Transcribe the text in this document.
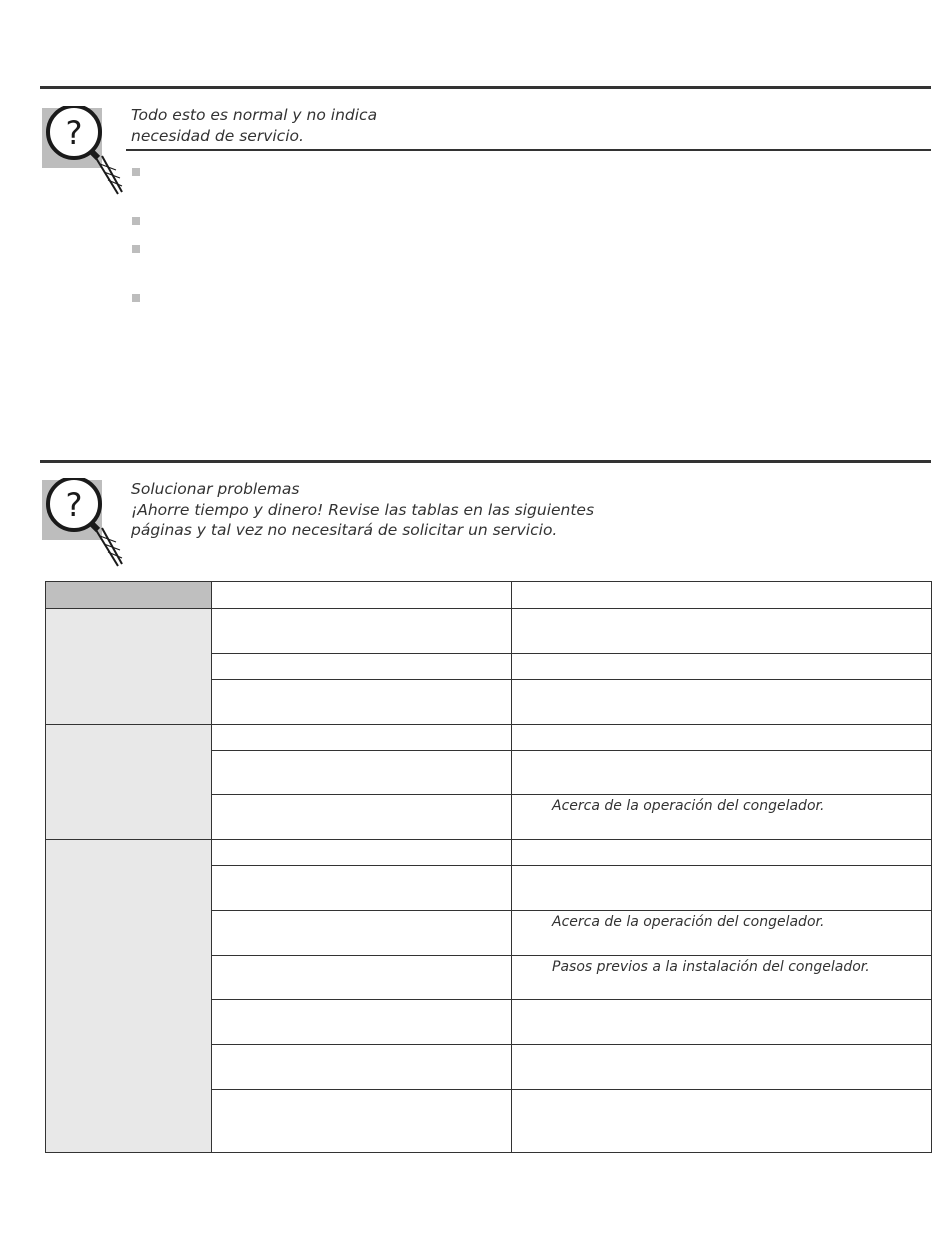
?	Todo esto es normal y no indica
necesidad de servicio.
?	Solucionar problemas
¡Ahorre tiempo y dinero! Revise las tablas en las siguientes
páginas y tal vez no necesitará de solicitar un servicio.

		Acerca de la operación del congelador.

		Acerca de la operación del congelador.

		Pasos previos a la instalación del congelador.
